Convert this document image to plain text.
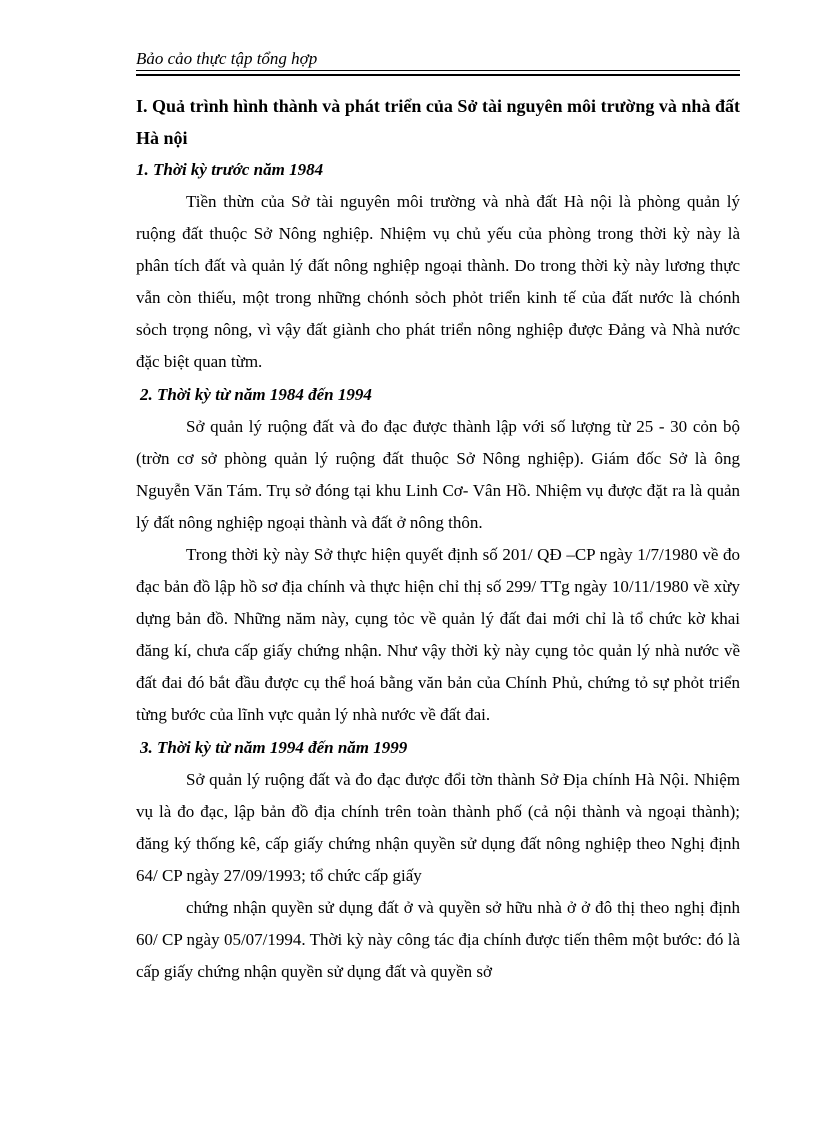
Bảo cảo thực tập tổng hợp

I. Quả trình hình thành và phát triển của Sở tài nguyên môi trường và nhà đất Hà nội

1. Thời kỳ trước năm 1984

Tiền thừn của Sở tài nguyên môi trường và nhà đất Hà nội là phòng quản lý ruộng đất thuộc Sở Nông nghiệp. Nhiệm vụ chủ yếu của phòng trong thời kỳ này là phân tích đất và quản lý đất nông nghiệp ngoại thành. Do trong thời kỳ này lương thực vẫn còn thiếu, một trong những chónh sỏch phỏt triển kinh tế của đất nước là chónh sỏch trọng nông, vì vậy đất giành cho phát triển nông nghiệp được Đảng và Nhà nước đặc biệt quan từm.

2. Thời kỳ từ năm 1984 đến 1994

Sở quản lý ruộng đất và đo đạc được thành lập với số lượng từ 25 - 30 cỏn bộ (trờn cơ sở phòng quản lý ruộng đất thuộc Sở Nông nghiệp). Giám đốc Sở là ông Nguyễn Văn Tám. Trụ sở đóng tại khu Linh Cơ- Vân Hồ. Nhiệm vụ được đặt ra là quản lý đất nông nghiệp ngoại thành và đất ở nông thôn.

Trong thời kỳ này Sở thực hiện quyết định số 201/ QĐ –CP ngày 1/7/1980 về đo đạc bản đồ lập hồ sơ địa chính và thực hiện chỉ thị số 299/ TTg ngày 10/11/1980 về xừy dựng bản đồ. Những năm này, cụng tỏc về quản lý đất đai mới chỉ là tổ chức kờ khai đăng kí, chưa cấp giấy chứng nhận. Như vậy thời kỳ này cụng tỏc quản lý nhà nước về đất đai đó bắt đầu được cụ thể hoá bằng văn bản của Chính Phủ, chứng tỏ sự phỏt triển từng bước của lĩnh vực quản lý nhà nước về đất đai.

3. Thời kỳ từ năm 1994 đến năm 1999

Sở quản lý ruộng đất và đo đạc được đổi tờn thành Sở Địa chính Hà Nội. Nhiệm vụ là đo đạc, lập bản đồ địa chính trên toàn thành phố (cả nội thành và ngoại thành); đăng ký thống kê, cấp giấy chứng nhận quyền sử dụng đất nông nghiệp theo Nghị định 64/ CP ngày 27/09/1993; tổ chức cấp giấy

chứng nhận quyền sử dụng đất ở và quyền sở hữu nhà ở ở đô thị theo nghị định 60/ CP ngày 05/07/1994. Thời kỳ này công tác địa chính được tiến thêm một bước: đó là cấp giấy chứng nhận quyền sử dụng đất và quyền sở
